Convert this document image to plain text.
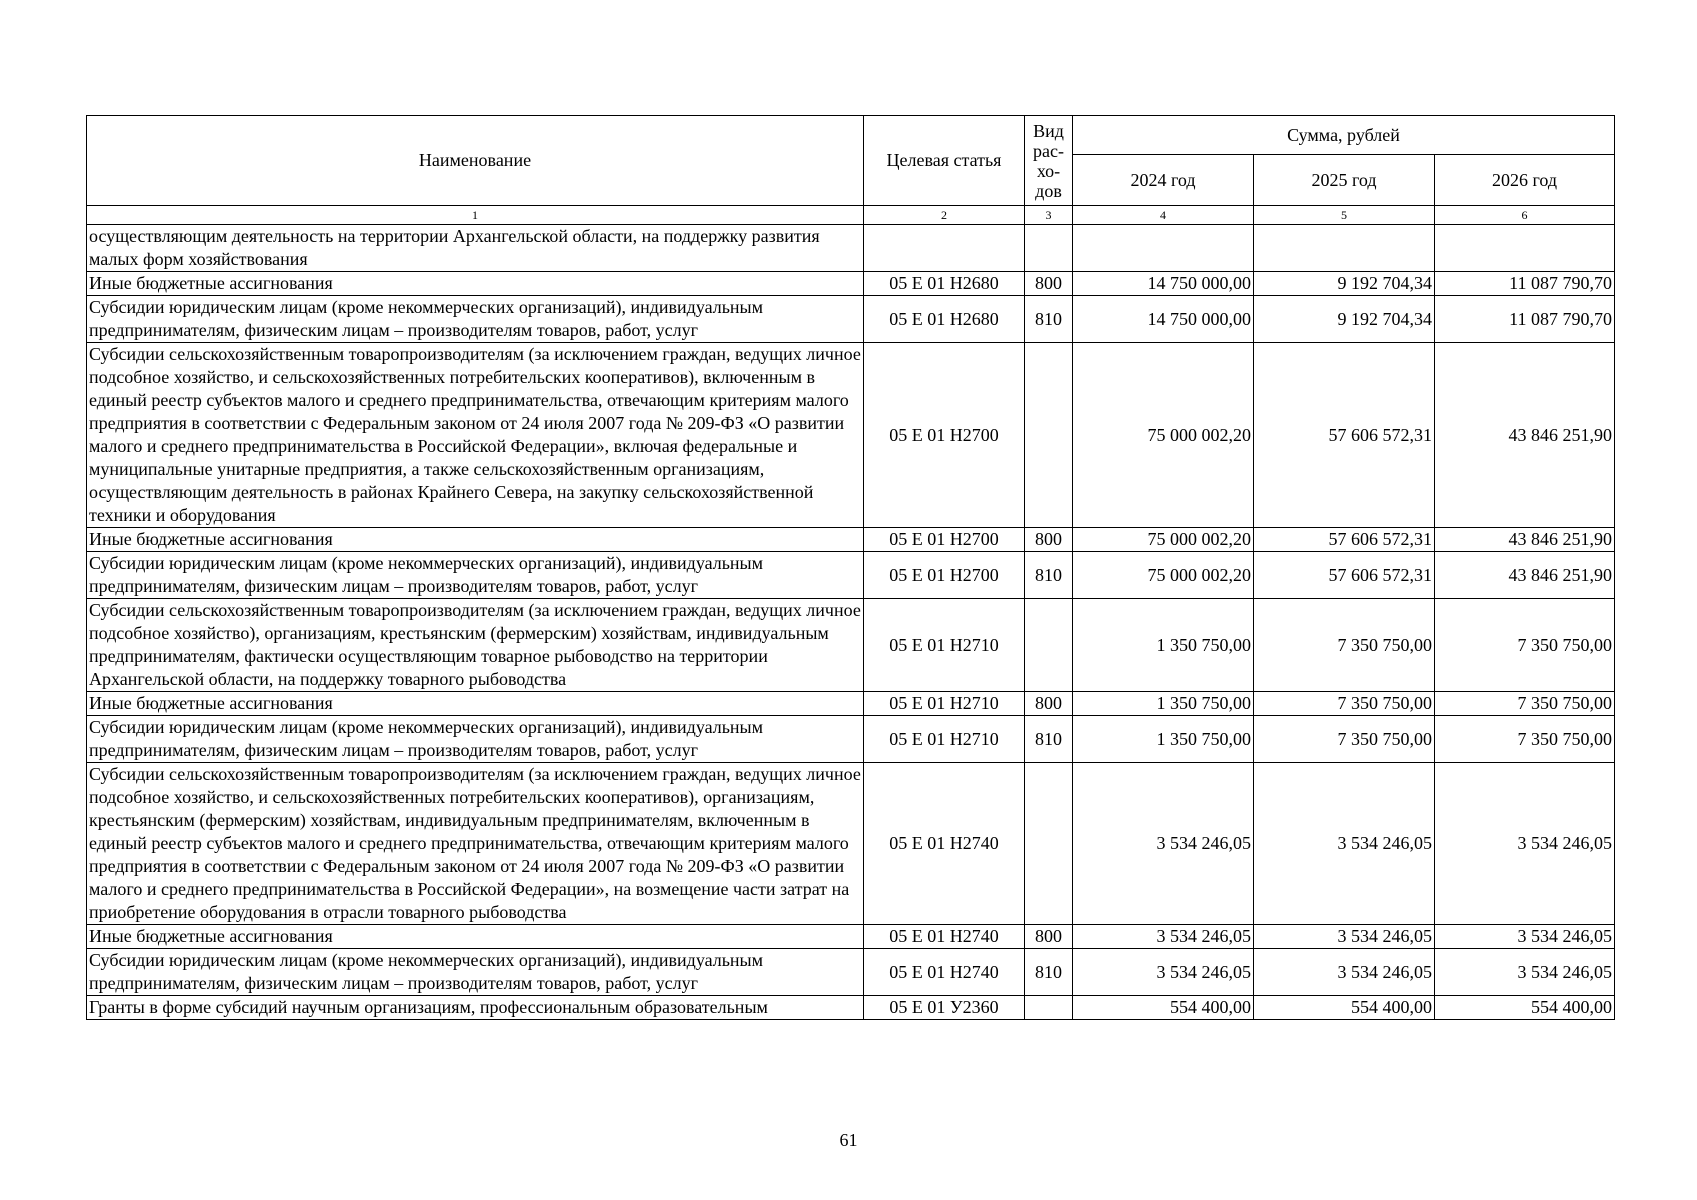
Наименование	Целевая статья	Вид рас-хо-дов	Сумма, рублей		
			2024 год	2025 год	2026 год
1	2	3	4	5	6
осуществляющим деятельность на территории Архангельской области, на поддержку развития малых форм хозяйствования					
Иные бюджетные ассигнования	05 Е 01 Н2680	800	14 750 000,00	9 192 704,34	11 087 790,70
Субсидии юридическим лицам (кроме некоммерческих организаций), индивидуальным предпринимателям, физическим лицам – производителям товаров, работ, услуг	05 Е 01 Н2680	810	14 750 000,00	9 192 704,34	11 087 790,70
Субсидии сельскохозяйственным товаропроизводителям (за исключением граждан, ведущих личное подсобное хозяйство, и сельскохозяйственных потребительских кооперативов), включенным в единый реестр субъектов малого и среднего предпринимательства, отвечающим критериям малого предприятия в соответствии с Федеральным законом от 24 июля 2007 года № 209-ФЗ «О развитии малого и среднего предпринимательства в Российской Федерации», включая федеральные и муниципальные унитарные предприятия, а также сельскохозяйственным организациям, осуществляющим деятельность в районах Крайнего Севера, на закупку сельскохозяйственной техники и оборудования	05 Е 01 Н2700		75 000 002,20	57 606 572,31	43 846 251,90
Иные бюджетные ассигнования	05 Е 01 Н2700	800	75 000 002,20	57 606 572,31	43 846 251,90
Субсидии юридическим лицам (кроме некоммерческих организаций), индивидуальным предпринимателям, физическим лицам – производителям товаров, работ, услуг	05 Е 01 Н2700	810	75 000 002,20	57 606 572,31	43 846 251,90
Субсидии сельскохозяйственным товаропроизводителям (за исключением граждан, ведущих личное подсобное хозяйство), организациям, крестьянским (фермерским) хозяйствам, индивидуальным предпринимателям, фактически осуществляющим товарное рыбоводство на территории Архангельской области, на поддержку товарного рыбоводства	05 Е 01 Н2710		1 350 750,00	7 350 750,00	7 350 750,00
Иные бюджетные ассигнования	05 Е 01 Н2710	800	1 350 750,00	7 350 750,00	7 350 750,00
Субсидии юридическим лицам (кроме некоммерческих организаций), индивидуальным предпринимателям, физическим лицам – производителям товаров, работ, услуг	05 Е 01 Н2710	810	1 350 750,00	7 350 750,00	7 350 750,00
Субсидии сельскохозяйственным товаропроизводителям (за исключением граждан, ведущих личное подсобное хозяйство, и сельскохозяйственных потребительских кооперативов), организациям, крестьянским (фермерским) хозяйствам, индивидуальным предпринимателям, включенным в единый реестр субъектов малого и среднего предпринимательства, отвечающим критериям малого предприятия в соответствии с Федеральным законом от 24 июля 2007 года № 209-ФЗ «О развитии малого и среднего предпринимательства в Российской Федерации», на возмещение части затрат на приобретение оборудования в отрасли товарного рыбоводства	05 Е 01 Н2740		3 534 246,05	3 534 246,05	3 534 246,05
Иные бюджетные ассигнования	05 Е 01 Н2740	800	3 534 246,05	3 534 246,05	3 534 246,05
Субсидии юридическим лицам (кроме некоммерческих организаций), индивидуальным предпринимателям, физическим лицам – производителям товаров, работ, услуг	05 Е 01 Н2740	810	3 534 246,05	3 534 246,05	3 534 246,05
Гранты в форме субсидий научным организациям, профессиональным образовательным	05 Е 01 У2360		554 400,00	554 400,00	554 400,00
61
